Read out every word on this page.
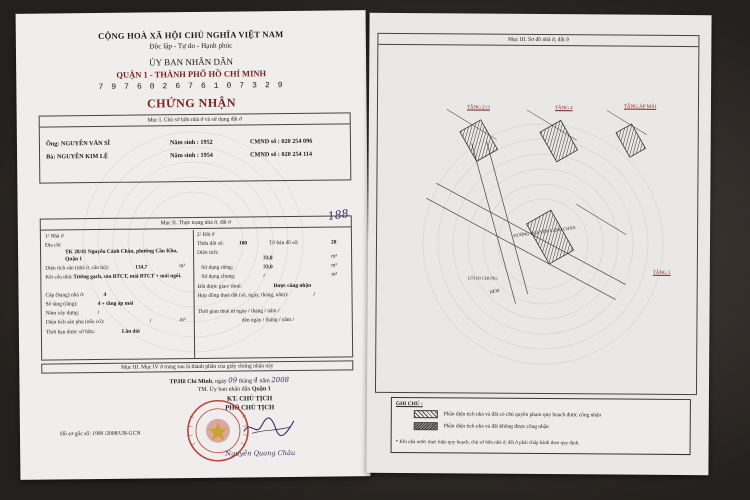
CỘNG HOÀ XÃ HỘI CHỦ NGHĨA VIỆT NAM
Độc lập - Tự do - Hạnh phúc
ỦY BAN NHÂN DÂN
QUẬN 1 - THÀNH PHỐ HỒ CHÍ MINH
7 9 7 6 0 2 6 7 6 1 0 7 3 2 9
CHỨNG NHẬN
Mục I. Chủ sở hữu nhà ở và sử dụng đất ở
Ông: NGUYỄN VĂN SĨ	Năm sinh : 1952	CMND số : 020 254 096
Bà: NGUYỄN KIM LỆ	Năm sinh : 1954	CMND số : 020 254 114
Mục II. Thực trạng nhà ở, đất ở
1/ Nhà ở
Địa chỉ
TK 28/41 Nguyễn Cảnh Chân, phường Cầu Kho, Quận 1
Diện tích sàn (nhà ở, căn hộ):	134,7	m²
Kết cấu nhà: Tường gạch, sàn BTCT, mái BTCT + mái ngói.
Cấp (hạng) nhà ở:	4
Số tầng (tầng):	4 + tầng áp mái
Năm xây dựng:	/
Diện tích sàn phụ (nếu có):	/	m²
Thời hạn được sở hữu:	Lâu dài
2/ Đất ở
Thửa đất số:	100	Tờ bản đồ số:	20
Diện tích:
33,0	m²
Sử dụng riêng:	33,0	m²
Sử dụng chung:	/	m²
Đất được giao/ thuê:	Được công nhận
Hợp đồng thuê đất (số, ngày, tháng, năm):	/
Thời gian thuê từ ngày / tháng / năm /
đến ngày / tháng / năm /
188
Mục III. Mục IV ở trang sau là thành phần của giấy chứng nhận này
TP.Hồ Chí Minh, ngày 09 tháng 4 năm 2008
TM. Ủy ban nhân dân Quận 1
KT. CHỦ TỊCH
PHÓ CHỦ TỊCH
Nguyễn Quang Châu
Hồ sơ gốc số: 1999 /2008/UB-GCN
Mục III. Sơ đồ nhà ở, đất ở
TẦNG 2+3	TẦNG 4	TẦNG ÁP MÁI
TẦNG 1
ĐƯỜNG NGUYỄN CẢNH CHÂN
LỐI ĐI CHUNG
HẺM
GHI CHÚ :
Phần diện tích nhà và đất có chủ quyền phạm quy hoạch được công nhận
Phần diện tích nhà và đất không được công nhận
* Khi nhà nước thực hiện quy hoạch, chủ sở hữu nhà ở, đất ở phải chấp hành theo quy định.
